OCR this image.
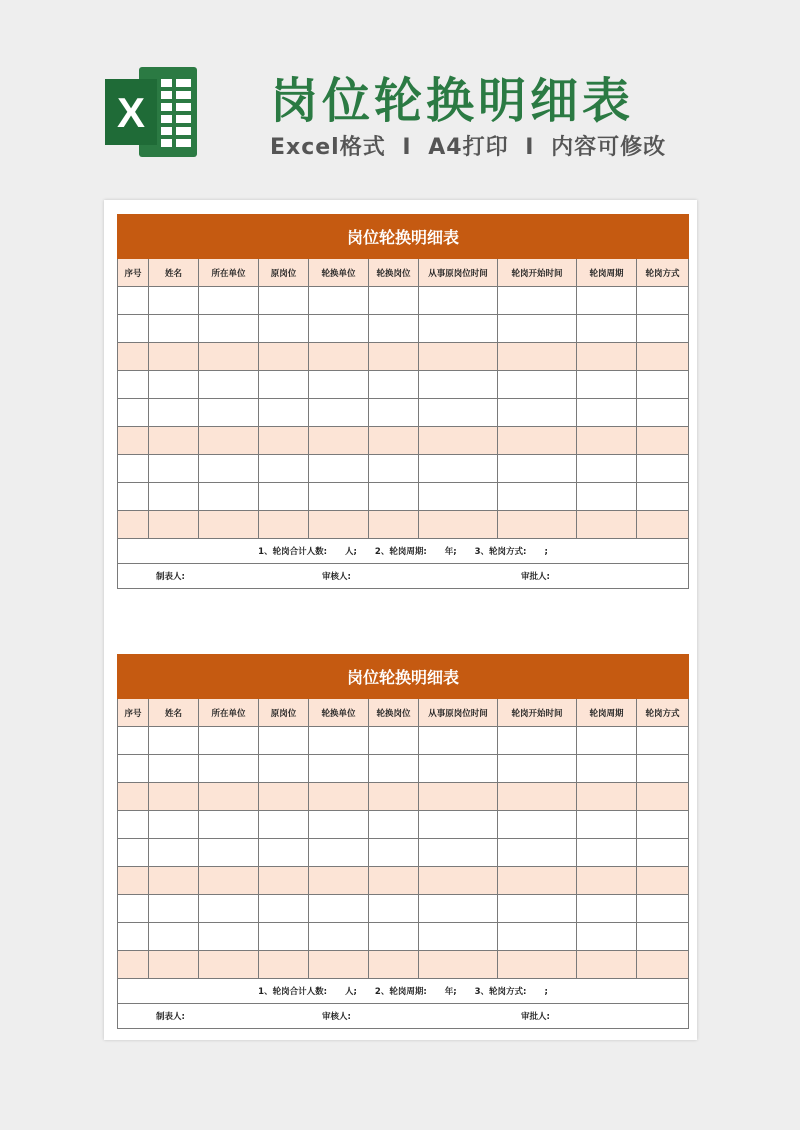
X	岗位轮换明细表
Excel格式 I A4打印 I 内容可修改
岗位轮换明细表									
序号	姓名	所在单位	原岗位	轮换单位	轮换岗位	从事原岗位时间	轮岗开始时间	轮岗周期	轮岗方式

1、轮岗合计人数: 人; 2、轮岗周期: 年; 3、轮岗方式: ;									

制表人: 审核人: 审批人:									

岗位轮换明细表									
序号	姓名	所在单位	原岗位	轮换单位	轮换岗位	从事原岗位时间	轮岗开始时间	轮岗周期	轮岗方式

1、轮岗合计人数: 人; 2、轮岗周期: 年; 3、轮岗方式: ;									

制表人: 审核人: 审批人:									
